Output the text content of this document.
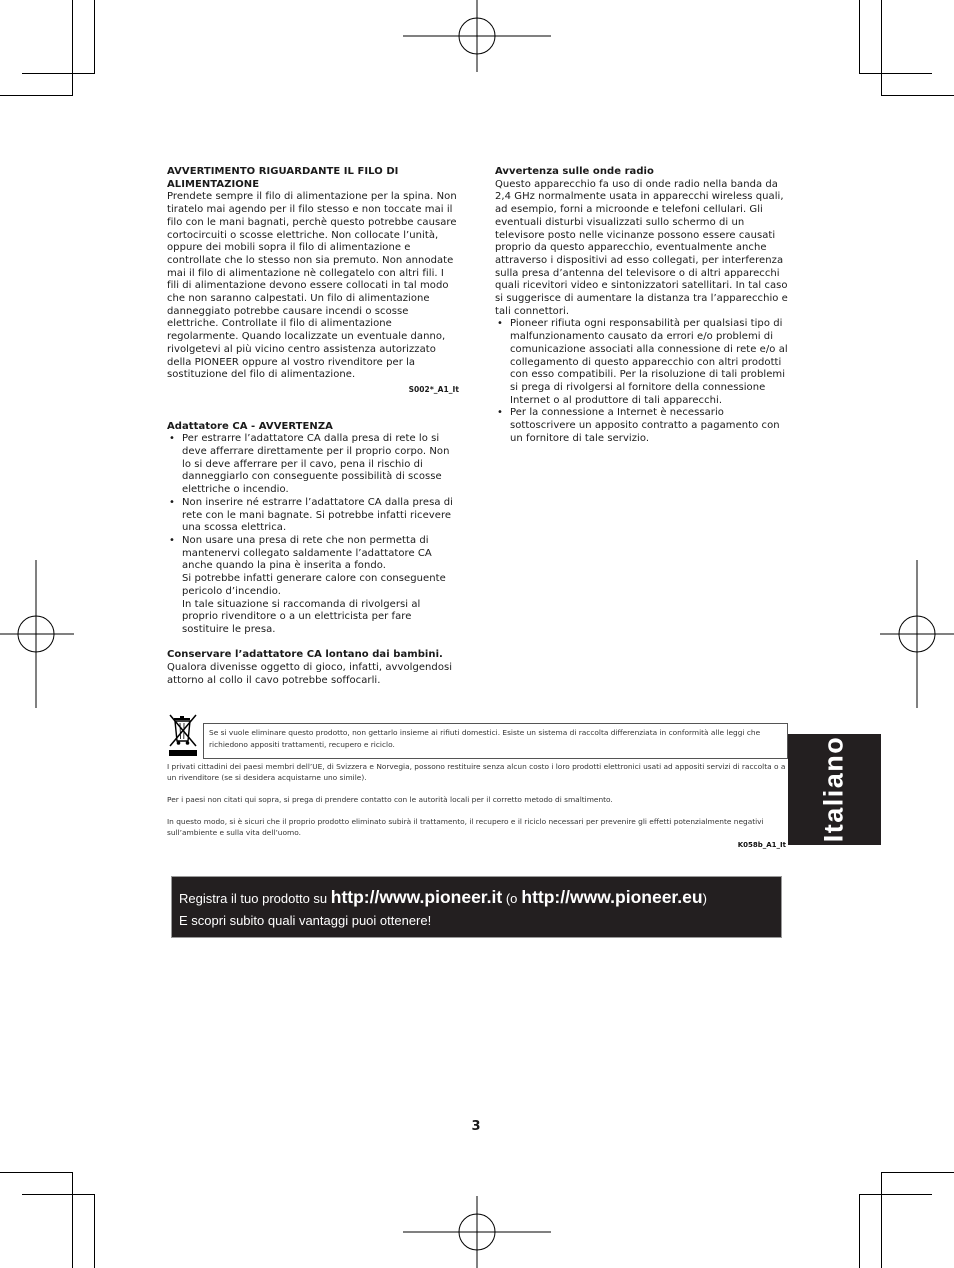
AVVERTIMENTO RIGUARDANTE IL FILO DI ALIMENTAZIONE

Prendete sempre il filo di alimentazione per la spina. Non tiratelo mai agendo per il filo stesso e non toccate mai il filo con le mani bagnati, perchè questo potrebbe causare cortocircuiti o scosse elettriche. Non collocate l’unità, oppure dei mobili sopra il filo di alimentazione e controllate che lo stesso non sia premuto. Non annodate mai il filo di alimentazione nè collegatelo con altri fili. I fili di alimentazione devono essere collocati in tal modo che non saranno calpestati. Un filo di alimentazione danneggiato potrebbe causare incendi o scosse elettriche. Controllate il filo di alimentazione regolarmente. Quando localizzate un eventuale danno, rivolgetevi al più vicino centro assistenza autorizzato della PIONEER oppure al vostro rivenditore per la sostituzione del filo di alimentazione.

S002*_A1_It

Adattatore CA - AVVERTENZA

• Per estrarre l’adattatore CA dalla presa di rete lo si deve afferrare direttamente per il proprio corpo. Non lo si deve afferrare per il cavo, pena il rischio di danneggiarlo con conseguente possibilità di scosse elettriche o incendio.
• Non inserire né estrarre l’adattatore CA dalla presa di rete con le mani bagnate. Si potrebbe infatti ricevere una scossa elettrica.
• Non usare una presa di rete che non permetta di mantenervi collegato saldamente l’adattatore CA anche quando la pina è inserita a fondo.
Si potrebbe infatti generare calore con conseguente pericolo d’incendio.
In tale situazione si raccomanda di rivolgersi al proprio rivenditore o a un elettricista per fare sostituire le presa.

Conservare l’adattatore CA lontano dai bambini.

Qualora divenisse oggetto di gioco, infatti, avvolgendosi attorno al collo il cavo potrebbe soffocarli.

Avvertenza sulle onde radio

Questo apparecchio fa uso di onde radio nella banda da 2,4 GHz normalmente usata in apparecchi wireless quali, ad esempio, forni a microonde e telefoni cellulari. Gli eventuali disturbi visualizzati sullo schermo di un televisore posto nelle vicinanze possono essere causati proprio da questo apparecchio, eventualmente anche attraverso i dispositivi ad esso collegati, per interferenza sulla presa d’antenna del televisore o di altri apparecchi quali ricevitori video e sintonizzatori satellitari. In tal caso si suggerisce di aumentare la distanza tra l’apparecchio e tali connettori.

• Pioneer rifiuta ogni responsabilità per qualsiasi tipo di malfunzionamento causato da errori e/o problemi di comunicazione associati alla connessione di rete e/o al collegamento di questo apparecchio con altri prodotti con esso compatibili. Per la risoluzione di tali problemi si prega di rivolgersi al fornitore della connessione Internet o al produttore di tali apparecchi.
• Per la connessione a Internet è necessario sottoscrivere un apposito contratto a pagamento con un fornitore di tale servizio.
Se si vuole eliminare questo prodotto, non gettarlo insieme ai rifiuti domestici. Esiste un sistema di raccolta differenziata in conformità alle leggi che richiedono appositi trattamenti, recupero e riciclo.

I privati cittadini dei paesi membri dell’UE, di Svizzera e Norvegia, possono restituire senza alcun costo i loro prodotti elettronici usati ad appositi servizi di raccolta o a un rivenditore (se si desidera acquistarne uno simile).

Per i paesi non citati qui sopra, si prega di prendere contatto con le autorità locali per il corretto metodo di smaltimento.

In questo modo, si è sicuri che il proprio prodotto eliminato subirà il trattamento, il recupero e il riciclo necessari per prevenire gli effetti potenzialmente negativi sull’ambiente e sulla vita dell’uomo.

K058b_A1_It
Italiano
Registra il tuo prodotto su http://www.pioneer.it (o http://www.pioneer.eu)
E scopri subito quali vantaggi puoi ottenere!
3
